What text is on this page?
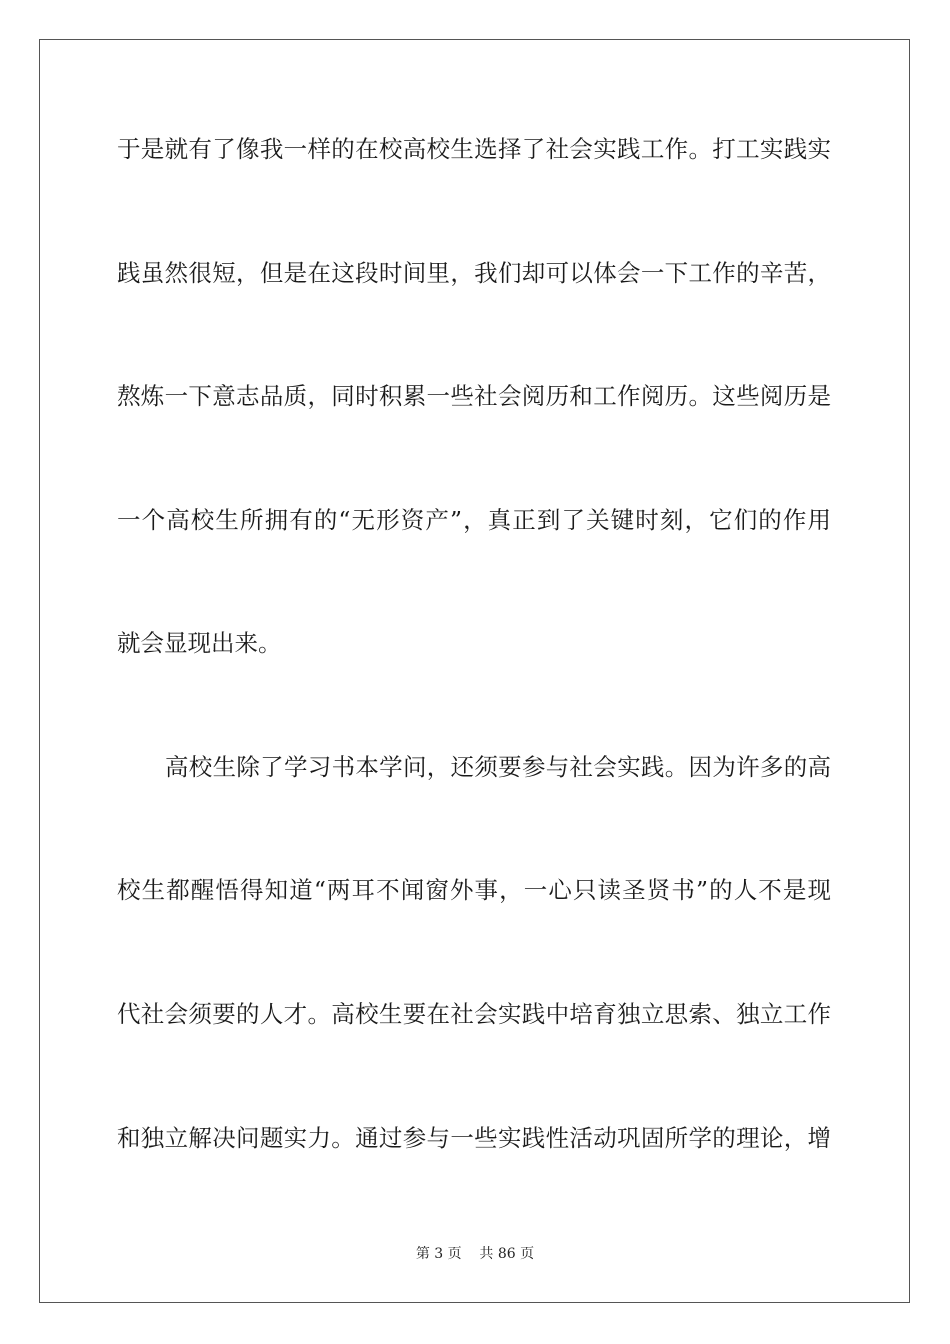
于是就有了像我一样的在校高校生选择了社会实践工作。打工实践实
践虽然很短，但是在这段时间里，我们却可以体会一下工作的辛苦，
熬炼一下意志品质，同时积累一些社会阅历和工作阅历。这些阅历是
一个高校生所拥有的“无形资产”，真正到了关键时刻，它们的作用
就会显现出来。
高校生除了学习书本学问，还须要参与社会实践。因为许多的高
校生都醒悟得知道“两耳不闻窗外事，一心只读圣贤书”的人不是现
代社会须要的人才。高校生要在社会实践中培育独立思索、独立工作
和独立解决问题实力。通过参与一些实践性活动巩固所学的理论，增
第 3 页    共 86 页
